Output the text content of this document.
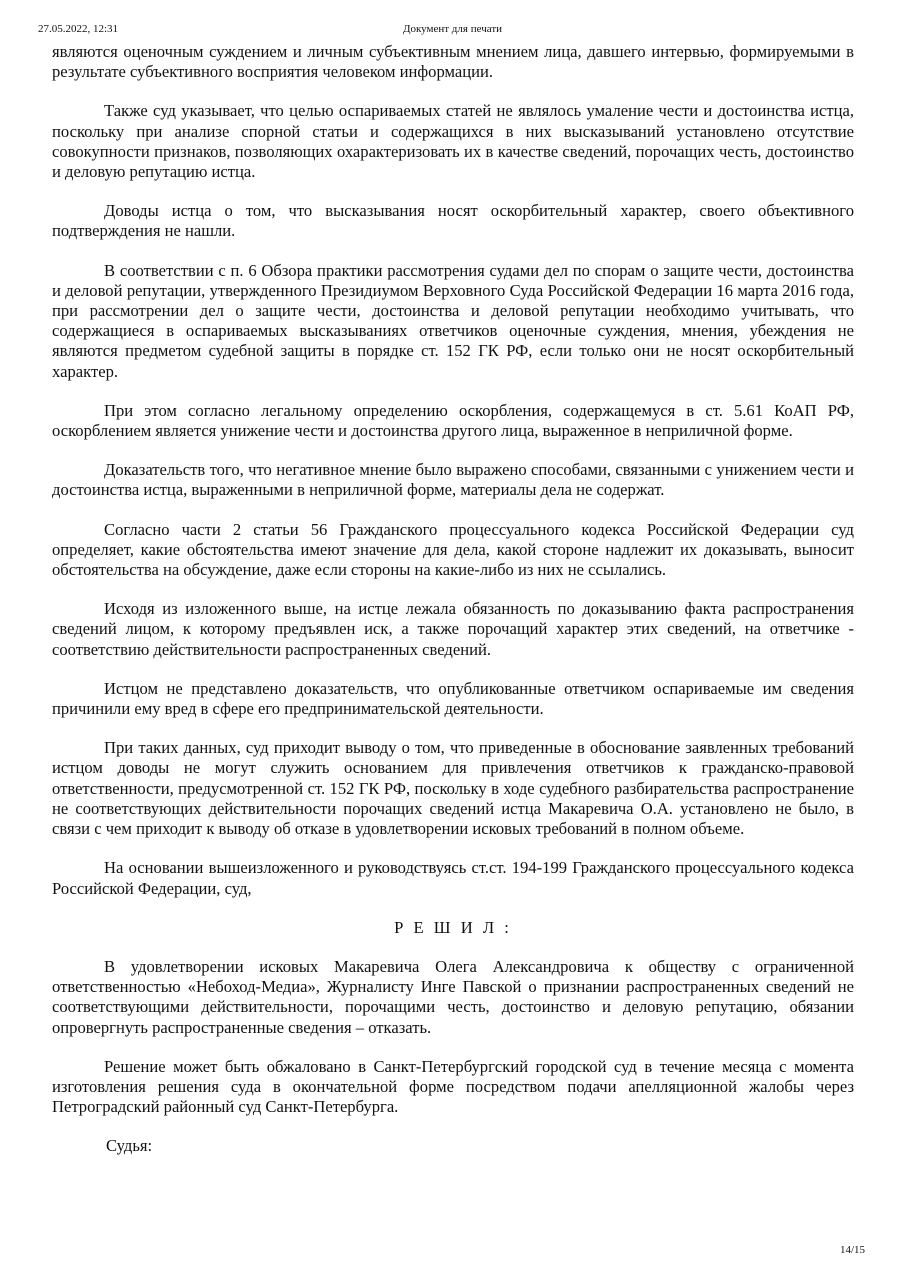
27.05.2022, 12:31	Документ для печати

являются оценочным суждением и личным субъективным мнением лица, давшего интервью, формируемыми в результате субъективного восприятия человеком информации.

Также суд указывает, что целью оспариваемых статей не являлось умаление чести и достоинства истца, поскольку при анализе спорной статьи и содержащихся в них высказываний установлено отсутствие совокупности признаков, позволяющих охарактеризовать их в качестве сведений, порочащих честь, достоинство и деловую репутацию истца.

Доводы истца о том, что высказывания носят оскорбительный характер, своего объективного подтверждения не нашли.

В соответствии с п. 6 Обзора практики рассмотрения судами дел по спорам о защите чести, достоинства и деловой репутации, утвержденного Президиумом Верховного Суда Российской Федерации 16 марта 2016 года, при рассмотрении дел о защите чести, достоинства и деловой репутации необходимо учитывать, что содержащиеся в оспариваемых высказываниях ответчиков оценочные суждения, мнения, убеждения не являются предметом судебной защиты в порядке ст. 152 ГК РФ, если только они не носят оскорбительный характер.

При этом согласно легальному определению оскорбления, содержащемуся в ст. 5.61 КоАП РФ, оскорблением является унижение чести и достоинства другого лица, выраженное в неприличной форме.

Доказательств того, что негативное мнение было выражено способами, связанными с унижением чести и достоинства истца, выраженными в неприличной форме, материалы дела не содержат.

Согласно части 2 статьи 56 Гражданского процессуального кодекса Российской Федерации суд определяет, какие обстоятельства имеют значение для дела, какой стороне надлежит их доказывать, выносит обстоятельства на обсуждение, даже если стороны на какие-либо из них не ссылались.

Исходя из изложенного выше, на истце лежала обязанность по доказыванию факта распространения сведений лицом, к которому предъявлен иск, а также порочащий характер этих сведений, на ответчике - соответствию действительности распространенных сведений.

Истцом не представлено доказательств, что опубликованные ответчиком оспариваемые им сведения причинили ему вред в сфере его предпринимательской деятельности.

При таких данных, суд приходит выводу о том, что приведенные в обоснование заявленных требований истцом доводы не могут служить основанием для привлечения ответчиков к гражданско-правовой ответственности, предусмотренной ст. 152 ГК РФ, поскольку в ходе судебного разбирательства распространение не соответствующих действительности порочащих сведений истца Макаревича О.А. установлено не было, в связи с чем приходит к выводу об отказе в удовлетворении исковых требований в полном объеме.

На основании вышеизложенного и руководствуясь ст.ст. 194-199 Гражданского процессуального кодекса Российской Федерации, суд,

Р Е Ш И Л :

В удовлетворении исковых Макаревича Олега Александровича к обществу с ограниченной ответственностью «Небоход-Медиа», Журналисту Инге Павской о признании распространенных сведений не соответствующими действительности, порочащими честь, достоинство и деловую репутацию, обязании опровергнуть распространенные сведения – отказать.

Решение может быть обжаловано в Санкт-Петербургский городской суд в течение месяца с момента изготовления решения суда в окончательной форме посредством подачи апелляционной жалобы через Петроградский районный суд Санкт-Петербурга.

Судья:

14/15
